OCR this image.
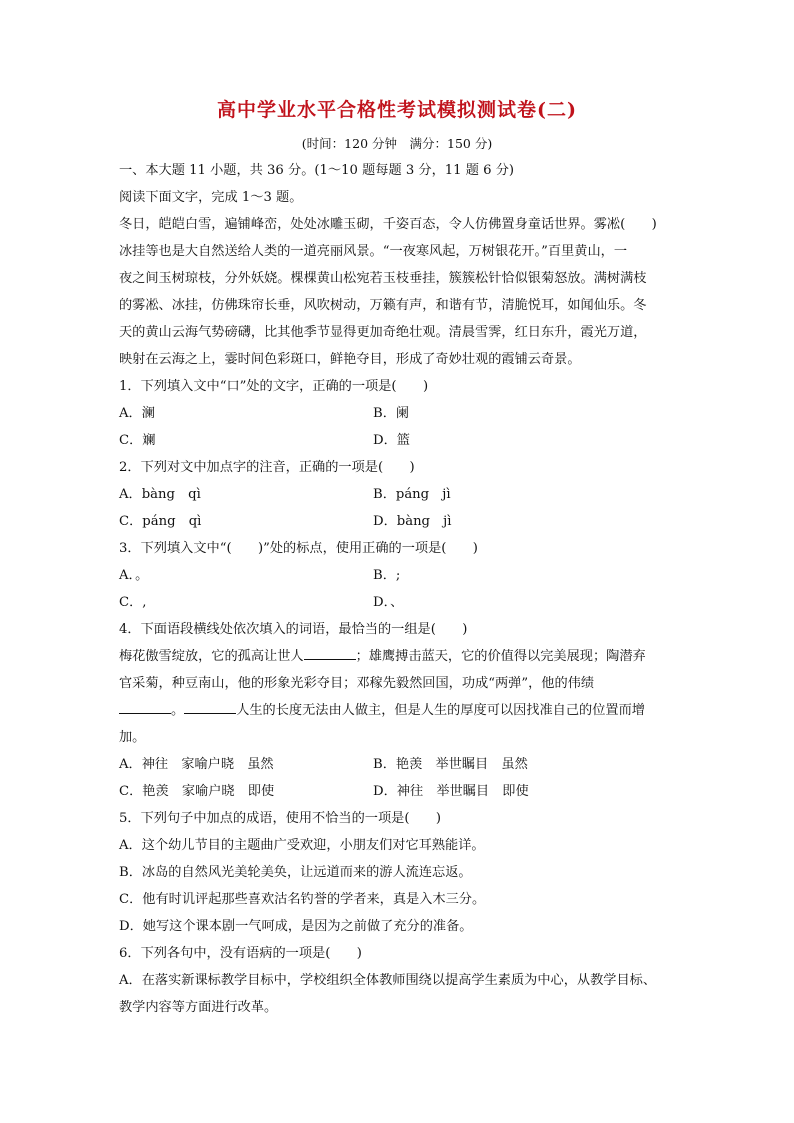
高中学业水平合格性考试模拟测试卷(二)
(时间：120 分钟　满分：150 分)

一、本大题 11 小题，共 36 分。(1～10 题每题 3 分，11 题 6 分)

阅读下面文字，完成 1～3 题。

冬日，皑皑白雪，遍铺峰峦，处处冰雕玉砌，千姿百态，令人仿佛置身童话世界。雾凇(　　)

冰挂等也是大自然送给人类的一道亮丽风景。“一夜寒风起，万树银花开。”百里黄山，一

夜之间玉树琼枝，分外妖娆。棵棵黄山松宛若玉枝垂挂，簇簇松针恰似银菊怒放。满树满枝

的雾凇、冰挂，仿佛珠帘长垂，风吹树动，万籁有声，和谐有节，清脆悦耳，如闻仙乐。冬

天的黄山云海气势磅礴，比其他季节显得更加奇绝壮观。清晨雪霁，红日东升，霞光万道，

映射在云海之上，霎时间色彩斑口，鲜艳夺目，形成了奇妙壮观的霞铺云奇景。

1．下列填入文中“口”处的文字，正确的一项是(　　)

A．澜	B．阑
C．斓	D．篮

2．下列对文中加点字的注音，正确的一项是(　　)

A．bàng　qì	B．páng　jì
C．páng　qì	D．bàng　jì

3．下列填入文中“(　　)”处的标点，使用正确的一项是(　　)

A．。	B．;
C．,	D．、

4．下面语段横线处依次填入的词语，最恰当的一组是(　　)

梅花傲雪绽放，它的孤高让世人	；雄鹰搏击蓝天，它的价值得以完美展现；陶潜弃

官采菊，种豆南山，他的形象光彩夺目；邓稼先毅然回国，功成“两弹”，他的伟绩

。	人生的长度无法由人做主，但是人生的厚度可以因找准自己的位置而增

加。

A．神往　家喻户晓　虽然	B．艳羡　举世瞩目　虽然
C．艳羡　家喻户晓　即使	D．神往　举世瞩目　即使

5．下列句子中加点的成语，使用不恰当的一项是(　　)

A．这个幼儿节目的主题曲广受欢迎，小朋友们对它耳熟能详。

B．冰岛的自然风光美轮美奂，让远道而来的游人流连忘返。

C．他有时讥评起那些喜欢沽名钓誉的学者来，真是入木三分。

D．她写这个课本剧一气呵成，是因为之前做了充分的准备。

6．下列各句中，没有语病的一项是(　　)

A．在落实新课标教学目标中，学校组织全体教师围绕以提高学生素质为中心，从教学目标、

教学内容等方面进行改革。
